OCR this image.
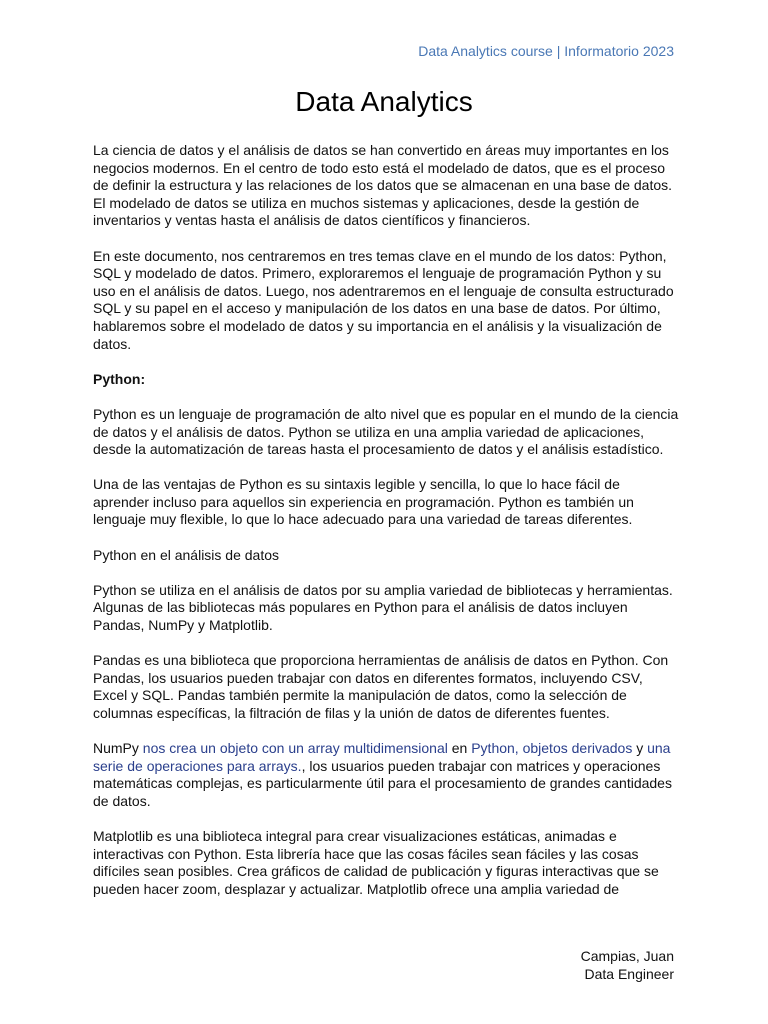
Data Analytics course | Informatorio 2023
Data Analytics

La ciencia de datos y el análisis de datos se han convertido en áreas muy importantes en los negocios modernos. En el centro de todo esto está el modelado de datos, que es el proceso de definir la estructura y las relaciones de los datos que se almacenan en una base de datos. El modelado de datos se utiliza en muchos sistemas y aplicaciones, desde la gestión de inventarios y ventas hasta el análisis de datos científicos y financieros.

En este documento, nos centraremos en tres temas clave en el mundo de los datos: Python, SQL y modelado de datos. Primero, exploraremos el lenguaje de programación Python y su uso en el análisis de datos. Luego, nos adentraremos en el lenguaje de consulta estructurado SQL y su papel en el acceso y manipulación de los datos en una base de datos. Por último, hablaremos sobre el modelado de datos y su importancia en el análisis y la visualización de datos.

Python:

Python es un lenguaje de programación de alto nivel que es popular en el mundo de la ciencia de datos y el análisis de datos. Python se utiliza en una amplia variedad de aplicaciones, desde la automatización de tareas hasta el procesamiento de datos y el análisis estadístico.

Una de las ventajas de Python es su sintaxis legible y sencilla, lo que lo hace fácil de aprender incluso para aquellos sin experiencia en programación. Python es también un lenguaje muy flexible, lo que lo hace adecuado para una variedad de tareas diferentes.

Python en el análisis de datos

Python se utiliza en el análisis de datos por su amplia variedad de bibliotecas y herramientas. Algunas de las bibliotecas más populares en Python para el análisis de datos incluyen Pandas, NumPy y Matplotlib.

Pandas es una biblioteca que proporciona herramientas de análisis de datos en Python. Con Pandas, los usuarios pueden trabajar con datos en diferentes formatos, incluyendo CSV, Excel y SQL. Pandas también permite la manipulación de datos, como la selección de columnas específicas, la filtración de filas y la unión de datos de diferentes fuentes.

NumPy nos crea un objeto con un array multidimensional en Python, objetos derivados y una serie de operaciones para arrays., los usuarios pueden trabajar con matrices y operaciones matemáticas complejas, es particularmente útil para el procesamiento de grandes cantidades de datos.

Matplotlib es una biblioteca integral para crear visualizaciones estáticas, animadas e interactivas con Python. Esta librería hace que las cosas fáciles sean fáciles y las cosas difíciles sean posibles. Crea gráficos de calidad de publicación y figuras interactivas que se pueden hacer zoom, desplazar y actualizar. Matplotlib ofrece una amplia variedad de

Campias, Juan
Data Engineer
